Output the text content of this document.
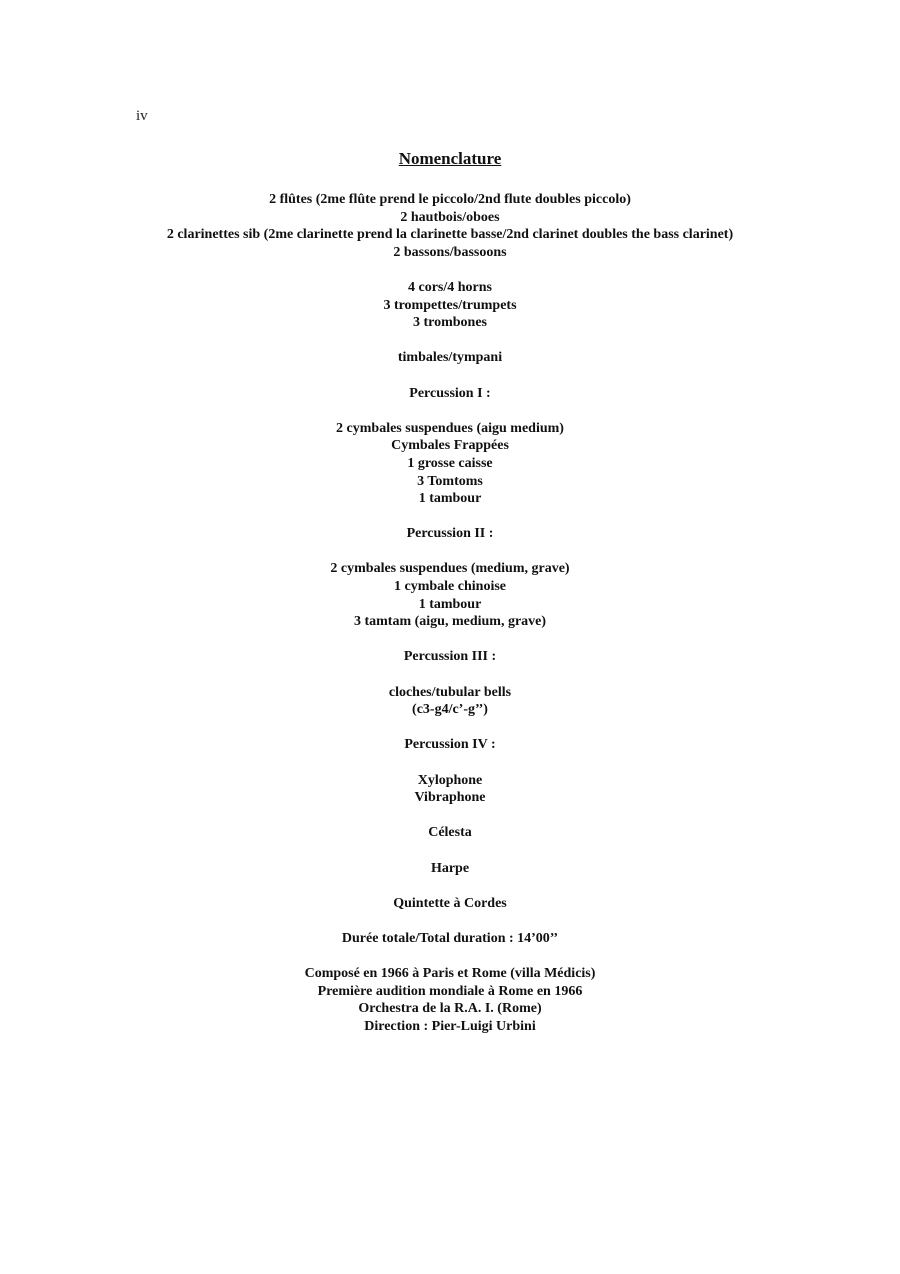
iv
Nomenclature
2 flûtes (2me flûte prend le piccolo/2nd flute doubles piccolo)
2 hautbois/oboes
2 clarinettes sib (2me clarinette prend la clarinette basse/2nd clarinet doubles the bass clarinet)
2 bassons/bassoons
4 cors/4 horns
3 trompettes/trumpets
3 trombones
timbales/tympani
Percussion I :
2 cymbales suspendues (aigu medium)
Cymbales Frappées
1 grosse caisse
3 Tomtoms
1 tambour
Percussion II :
2 cymbales suspendues (medium, grave)
1 cymbale chinoise
1 tambour
3 tamtam (aigu, medium, grave)
Percussion III :
cloches/tubular bells
(c3-g4/c’-g’’)
Percussion IV :
Xylophone
Vibraphone
Célesta
Harpe
Quintette à Cordes
Durée totale/Total duration : 14’00’’
Composé en 1966 à Paris et Rome (villa Médicis)
Première audition mondiale à Rome en 1966
Orchestra de la R.A. I. (Rome)
Direction : Pier-Luigi Urbini
